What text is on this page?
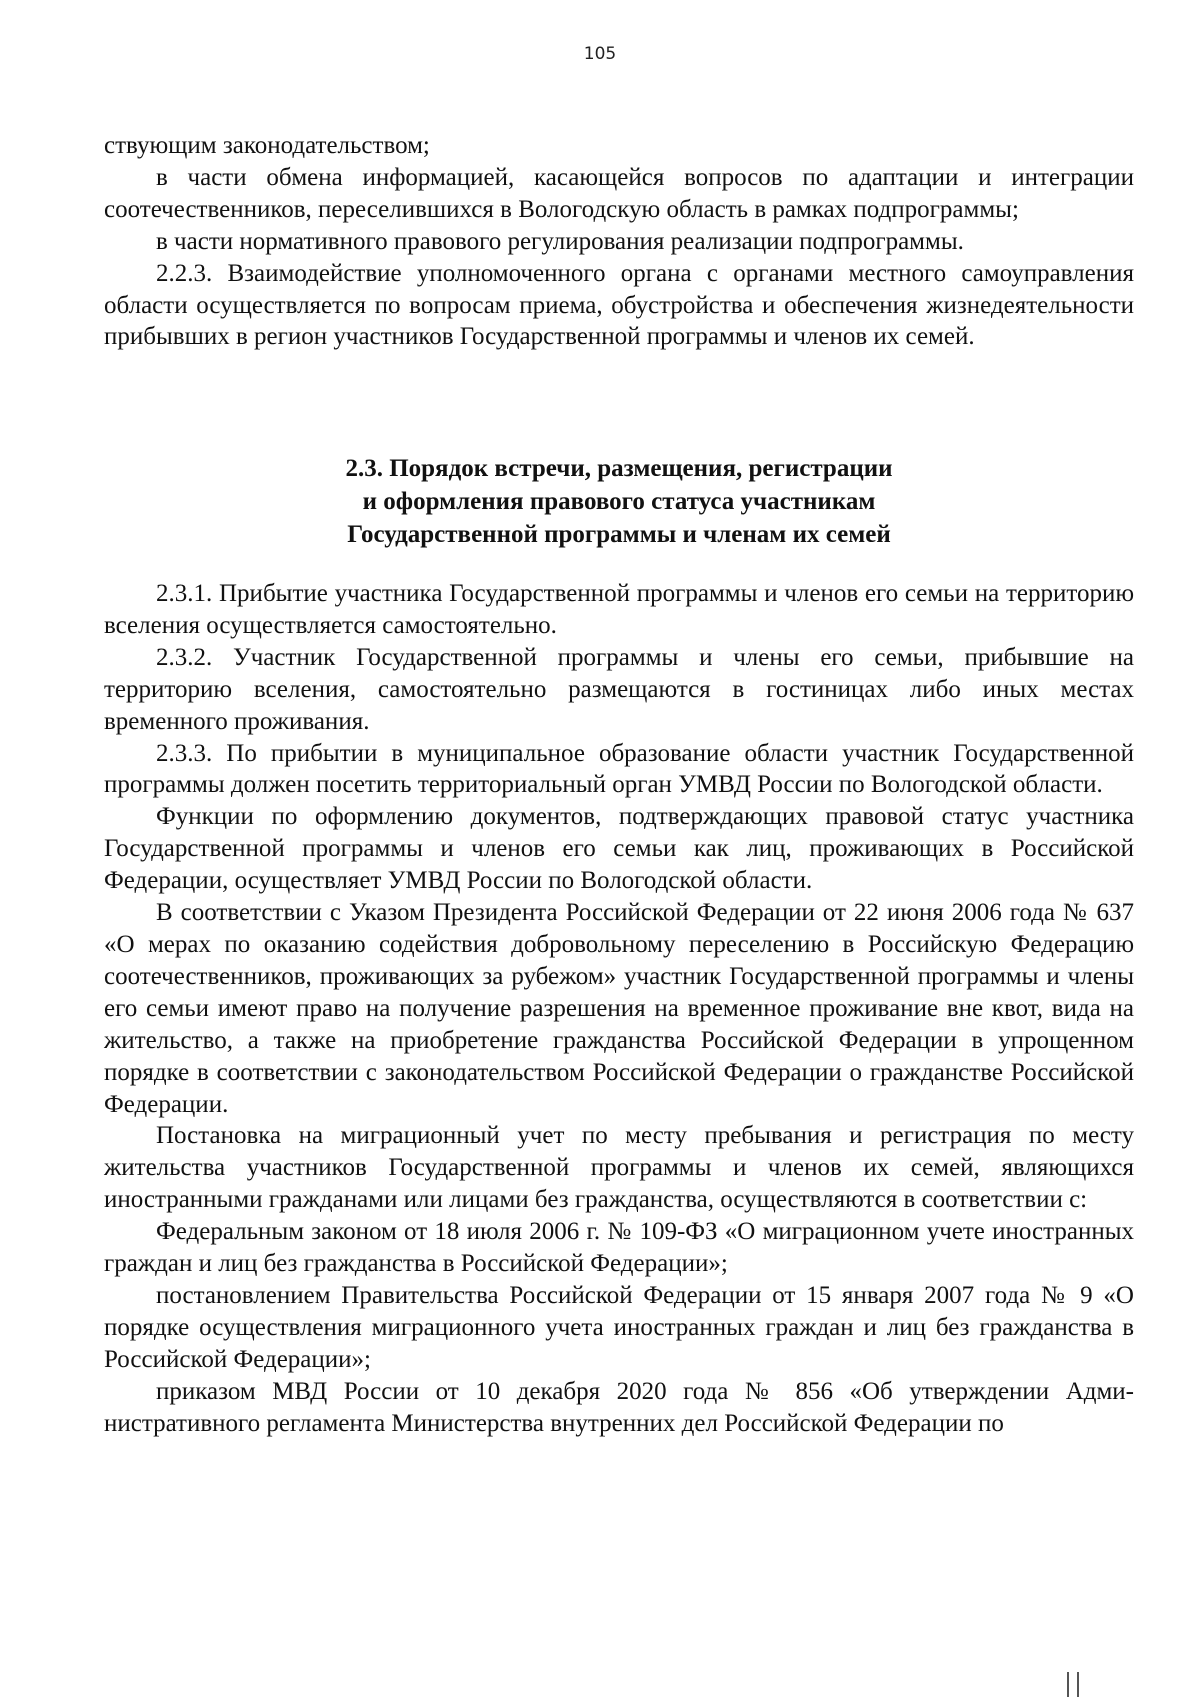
105

ствующим законодательством;

в части обмена информацией, касающейся вопросов по адаптации и интеграции соотечественников, переселившихся в Вологодскую область в рамках подпрограммы;

в части нормативного правового регулирования реализации подпрограммы.

2.2.3. Взаимодействие уполномоченного органа с органами местного самоуправления области осуществляется по вопросам приема, обустройства и обеспечения жизнедеятельности прибывших в регион участников Государственной программы и членов их семей.

2.3. Порядок встречи, размещения, регистрации
и оформления правового статуса участникам
Государственной программы и членам их семей

2.3.1. Прибытие участника Государственной программы и членов его семьи на территорию вселения осуществляется самостоятельно.

2.3.2. Участник Государственной программы и члены его семьи, прибывшие на территорию вселения, самостоятельно размещаются в гостиницах либо иных местах временного проживания.

2.3.3. По прибытии в муниципальное образование области участник Государственной программы должен посетить территориальный орган УМВД России по Вологодской области.

Функции по оформлению документов, подтверждающих правовой статус участника Государственной программы и членов его семьи как лиц, проживающих в Российской Федерации, осуществляет УМВД России по Вологодской области.

В соответствии с Указом Президента Российской Федерации от 22 июня 2006 года № 637 «О мерах по оказанию содействия добровольному переселению в Российскую Федерацию соотечественников, проживающих за рубежом» участник Государственной программы и члены его семьи имеют право на получение разрешения на временное проживание вне квот, вида на жительство, а также на приобретение гражданства Российской Федерации в упрощенном порядке в соответствии с законодательством Российской Федерации о гражданстве Российской Федерации.

Постановка на миграционный учет по месту пребывания и регистрация по месту жительства участников Государственной программы и членов их семей, являющихся иностранными гражданами или лицами без гражданства, осуществляются в соответствии с:

Федеральным законом от 18 июля 2006 г. № 109-ФЗ «О миграционном учете иностранных граждан и лиц без гражданства в Российской Федерации»;

постановлением Правительства Российской Федерации от 15 января 2007 года № 9 «О порядке осуществления миграционного учета иностранных граждан и лиц без гражданства в Российской Федерации»;

приказом МВД России от 10 декабря 2020 года № 856 «Об утверждении Административного регламента Министерства внутренних дел Российской Федерации по
